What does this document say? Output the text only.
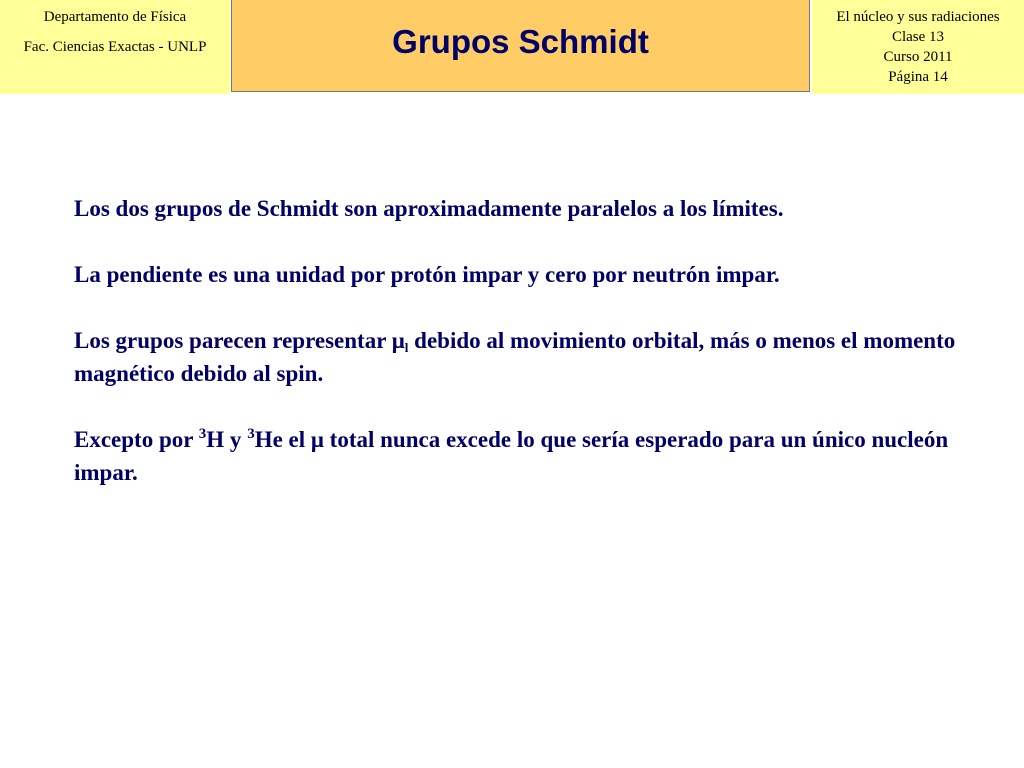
Departamento de Física
Fac. Ciencias Exactas - UNLP	Grupos Schmidt
El núcleo y sus radiaciones
Clase 13
Curso 2011
Página 14

Los dos grupos de Schmidt son aproximadamente paralelos a los límites.

La pendiente es una unidad por protón impar y cero por neutrón impar.

Los grupos parecen representar $\mu_l$ debido al movimiento orbital, más o menos el momento magnético debido al spin.

Excepto por $^3$H y $^3$He el μ total nunca excede lo que sería esperado para un único nucleón impar.
